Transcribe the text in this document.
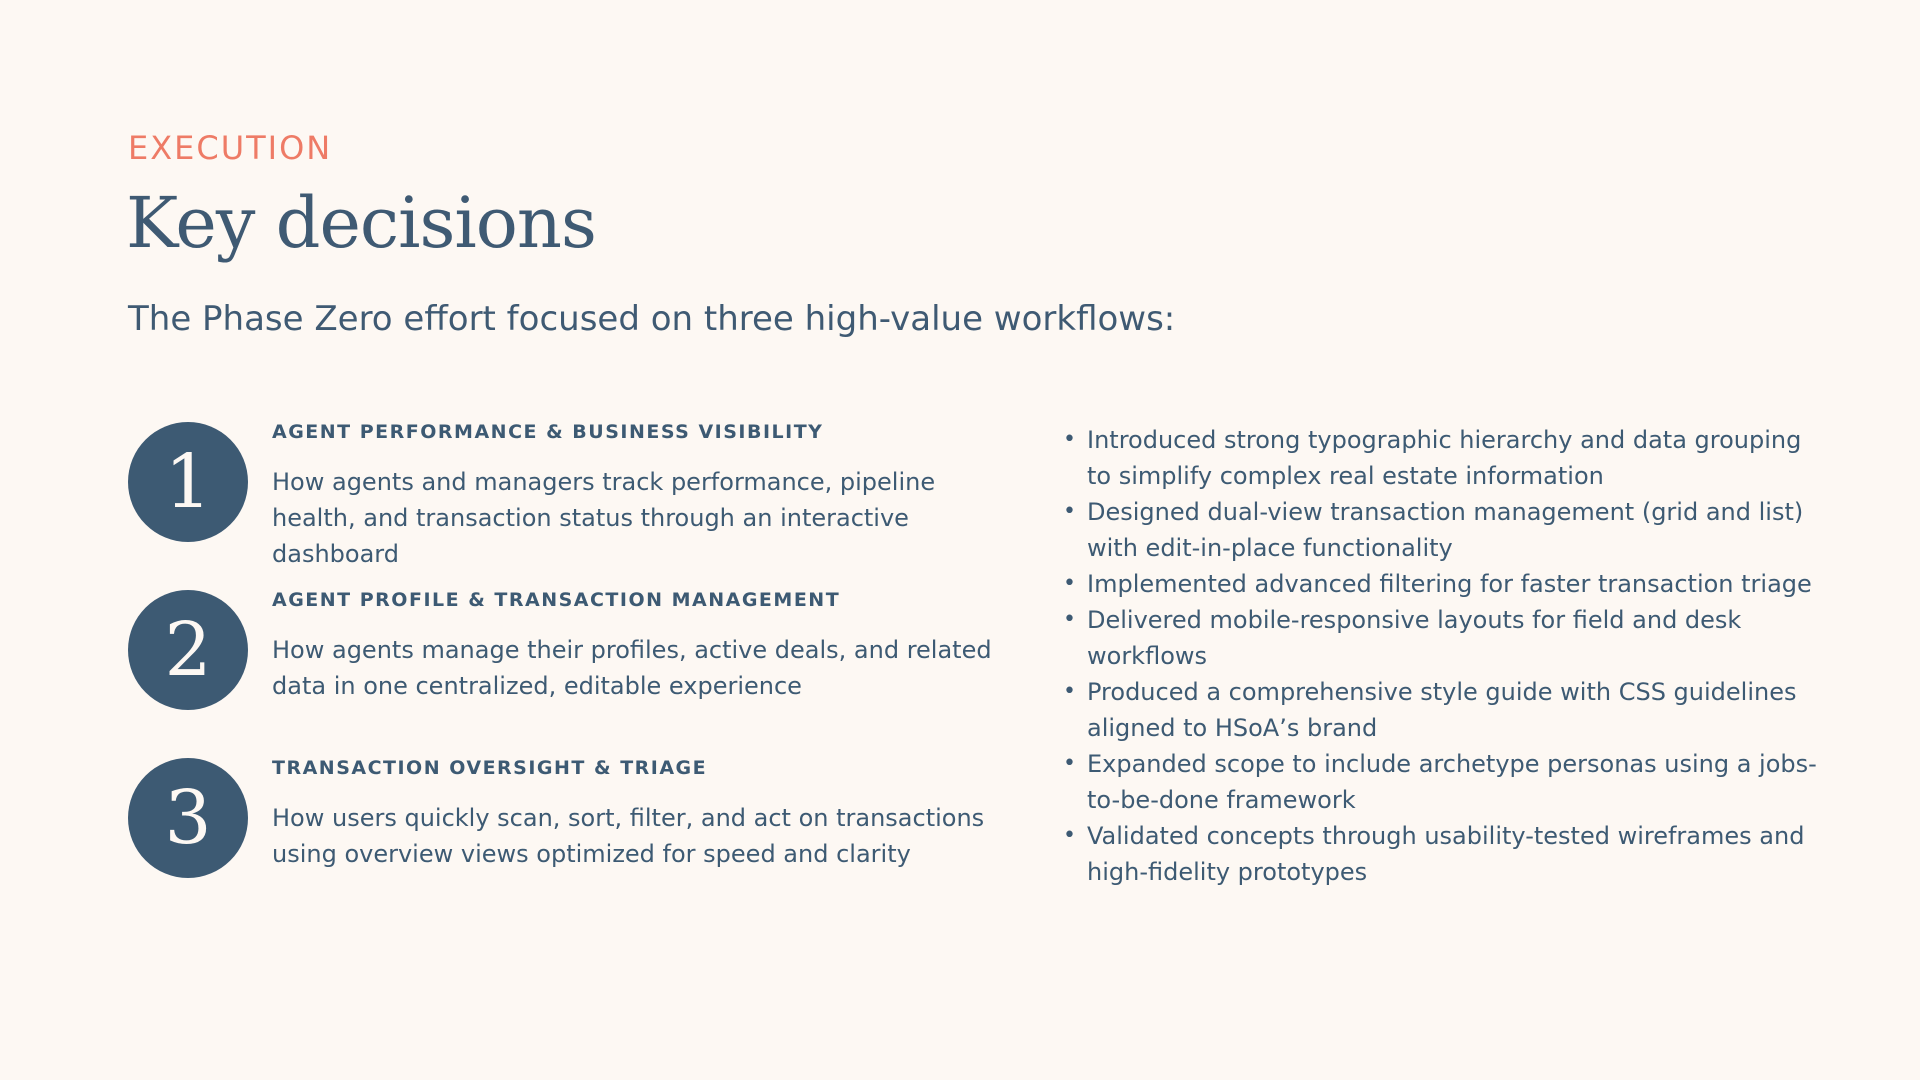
EXECUTION
Key decisions
The Phase Zero effort focused on three high-value workflows:
1
AGENT PERFORMANCE & BUSINESS VISIBILITY
How agents and managers track performance, pipeline health, and transaction status through an interactive dashboard
2
AGENT PROFILE & TRANSACTION MANAGEMENT
How agents manage their profiles, active deals, and related data in one centralized, editable experience
3
TRANSACTION OVERSIGHT & TRIAGE
How users quickly scan, sort, filter, and act on transactions using overview views optimized for speed and clarity
• Introduced strong typographic hierarchy and data grouping to simplify complex real estate information
• Designed dual-view transaction management (grid and list) with edit-in-place functionality
• Implemented advanced filtering for faster transaction triage
• Delivered mobile-responsive layouts for field and desk workflows
• Produced a comprehensive style guide with CSS guidelines aligned to HSoA’s brand
• Expanded scope to include archetype personas using a jobs-to-be-done framework
• Validated concepts through usability-tested wireframes and high-fidelity prototypes
